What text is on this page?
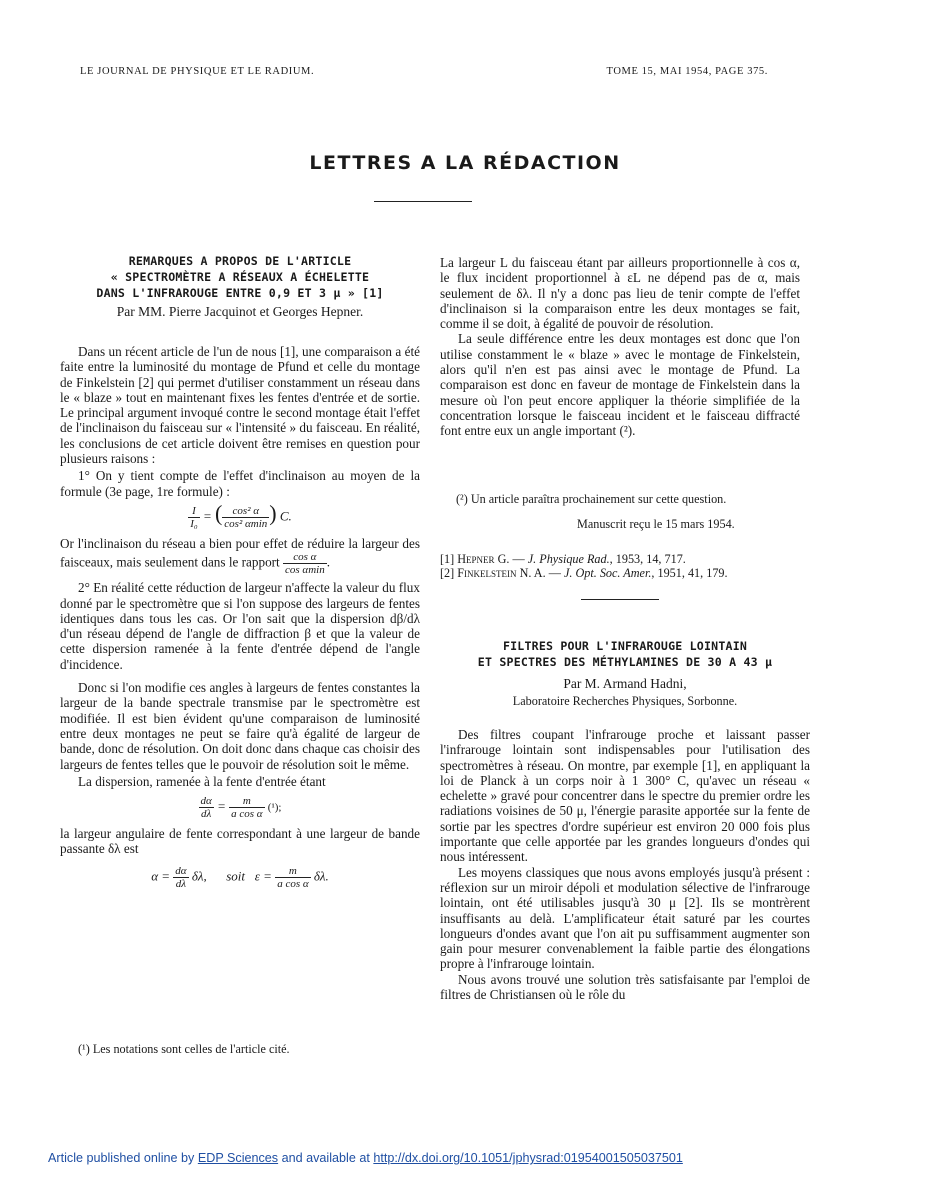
LE JOURNAL DE PHYSIQUE ET LE RADIUM.	TOME 15, MAI 1954, PAGE 375.
LETTRES A LA RÉDACTION
REMARQUES A PROPOS DE L'ARTICLE
« SPECTROMÈTRE A RÉSEAUX A ÉCHELETTE
DANS L'INFRAROUGE ENTRE 0,9 ET 3 μ » [1]
Par MM. Pierre Jacquinot et Georges Hepner.

Dans un récent article de l'un de nous [1], une comparaison a été faite entre la luminosité du montage de Pfund et celle du montage de Finkelstein [2] qui permet d'utiliser constamment un réseau dans le « blaze » tout en maintenant fixes les fentes d'entrée et de sortie. Le principal argument invoqué contre le second montage était l'effet de l'inclinaison du faisceau sur « l'intensité » du faisceau. En réalité, les conclusions de cet article doivent être remises en question pour plusieurs raisons :

1° On y tient compte de l'effet d'inclinaison au moyen de la formule (3e page, 1re formule) :

$\frac{I}{\text{I₀}}$ = ( $\frac{\text{cos² α}}{\text{cos² αmin}}$ ) C.

Or l'inclinaison du réseau a bien pour effet de réduire la largeur des faisceaux, mais seulement dans le rapport $\frac{\text{cos α}}{\text{cos αmin}}$ .

2° En réalité cette réduction de largeur n'affecte la valeur du flux donné par le spectromètre que si l'on suppose des largeurs de fentes identiques dans tous les cas. Or l'on sait que la dispersion dβ/dλ d'un réseau dépend de l'angle de diffraction β et que la valeur de cette dispersion ramenée à la fente d'entrée dépend de l'angle d'incidence.

Donc si l'on modifie ces angles à largeurs de fentes constantes la largeur de la bande spectrale transmise par le spectromètre est modifiée. Il est bien évident qu'une comparaison de luminosité entre deux montages ne peut se faire qu'à égalité de largeur de bande, donc de résolution. On doit donc dans chaque cas choisir des largeurs de fentes telles que le pouvoir de résolution soit le même.

La dispersion, ramenée à la fente d'entrée étant

$\frac{d\alpha}{d\lambda} = \frac{m}{\text{a cos α}} (^1)$;

la largeur angulaire de fente correspondant à une largeur de bande passante δλ est

$\alpha = \frac{d\alpha}{d\lambda} \delta\lambda$,      soit   $\varepsilon = \frac{m}{\text{a cos α}} \delta\lambda$.
(¹) Les notations sont celles de l'article cité.

La largeur L du faisceau étant par ailleurs proportionnelle à cos α, le flux incident proportionnel à εL ne dépend pas de α, mais seulement de δλ. Il n'y a donc pas lieu de tenir compte de l'effet d'inclinaison si la comparaison entre les deux montages se fait, comme il se doit, à égalité de pouvoir de résolution.

La seule différence entre les deux montages est donc que l'on utilise constamment le « blaze » avec le montage de Finkelstein, alors qu'il n'en est pas ainsi avec le montage de Pfund. La comparaison est donc en faveur de montage de Finkelstein dans la mesure où l'on peut encore appliquer la théorie simplifiée de la concentration lorsque le faisceau incident et le faisceau diffracté font entre eux un angle important (²).

(²) Un article paraîtra prochainement sur cette question.
Manuscrit reçu le 15 mars 1954.
[1] Hepner G. — J. Physique Rad., 1953, 14, 717.
[2] Finkelstein N. A. — J. Opt. Soc. Amer., 1951, 41, 179.
FILTRES POUR L'INFRAROUGE LOINTAIN
ET SPECTRES DES MÉTHYLAMINES DE 30 A 43 μ
Par M. Armand Hadni,
Laboratoire Recherches Physiques, Sorbonne.

Des filtres coupant l'infrarouge proche et laissant passer l'infrarouge lointain sont indispensables pour l'utilisation des spectromètres à réseau. On montre, par exemple [1], en appliquant la loi de Planck à un corps noir à 1 300° C, qu'avec un réseau « echelette » gravé pour concentrer dans le spectre du premier ordre les radiations voisines de 50 μ, l'énergie parasite apportée sur la fente de sortie par les spectres d'ordre supérieur est environ 20 000 fois plus importante que celle apportée par les grandes longueurs d'ondes qui nous intéressent.

Les moyens classiques que nous avons employés jusqu'à présent : réflexion sur un miroir dépoli et modulation sélective de l'infrarouge lointain, ont été utilisables jusqu'à 30 μ [2]. Ils se montrèrent insuffisants au delà. L'amplificateur était saturé par les courtes longueurs d'ondes avant que l'on ait pu suffisamment augmenter son gain pour mesurer convenablement la faible partie des élongations propre à l'infrarouge lointain.

Nous avons trouvé une solution très satisfaisante par l'emploi de filtres de Christiansen où le rôle du

Article published online by EDP Sciences and available at http://dx.doi.org/10.1051/jphysrad:01954001505037501
